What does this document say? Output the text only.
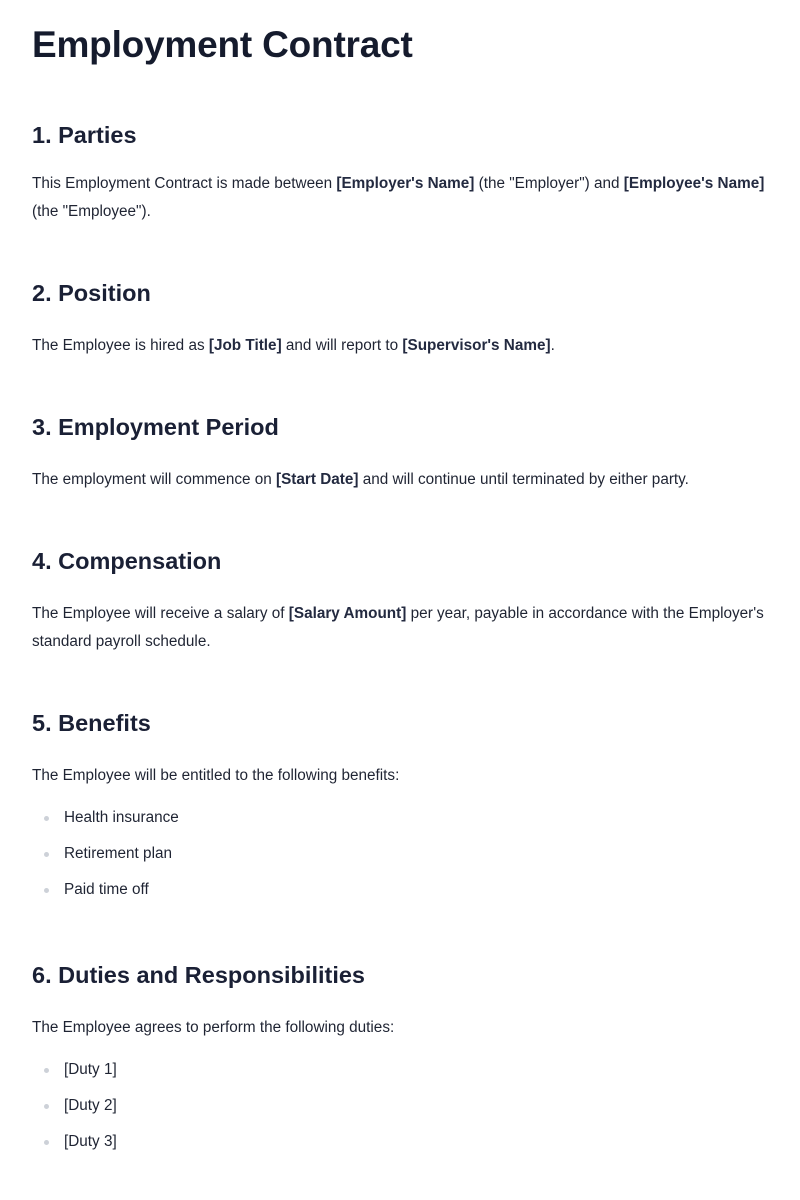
Employment Contract
1. Parties

This Employment Contract is made between [Employer's Name] (the "Employer") and [Employee's Name] (the "Employee").

2. Position

The Employee is hired as [Job Title] and will report to [Supervisor's Name].

3. Employment Period

The employment will commence on [Start Date] and will continue until terminated by either party.

4. Compensation

The Employee will receive a salary of [Salary Amount] per year, payable in accordance with the Employer's standard payroll schedule.

5. Benefits

The Employee will be entitled to the following benefits:

Health insurance
Retirement plan
Paid time off
6. Duties and Responsibilities

The Employee agrees to perform the following duties:

[Duty 1]
[Duty 2]
[Duty 3]
